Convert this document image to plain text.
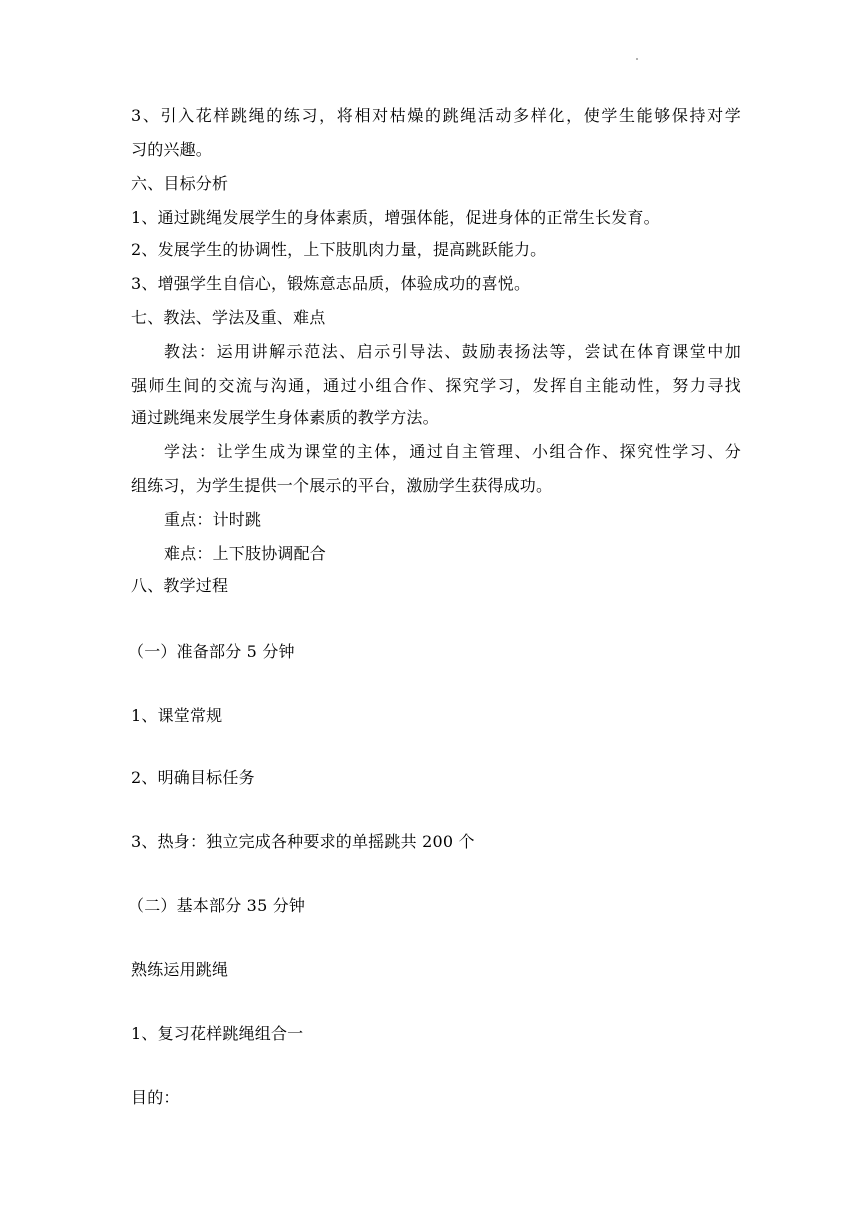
3、引入花样跳绳的练习，将相对枯燥的跳绳活动多样化，使学生能够保持对学
习的兴趣。
六、目标分析
1、通过跳绳发展学生的身体素质，增强体能，促进身体的正常生长发育。
2、发展学生的协调性，上下肢肌肉力量，提高跳跃能力。
3、增强学生自信心，锻炼意志品质，体验成功的喜悦。
七、教法、学法及重、难点
教法：运用讲解示范法、启示引导法、鼓励表扬法等，尝试在体育课堂中加
强师生间的交流与沟通，通过小组合作、探究学习，发挥自主能动性，努力寻找
通过跳绳来发展学生身体素质的教学方法。
学法：让学生成为课堂的主体，通过自主管理、小组合作、探究性学习、分
组练习，为学生提供一个展示的平台，激励学生获得成功。
重点：计时跳
难点：上下肢协调配合
八、教学过程
（一）准备部分 5 分钟
1、课堂常规
2、明确目标任务
3、热身：独立完成各种要求的单摇跳共 200 个
（二）基本部分 35 分钟
熟练运用跳绳
1、复习花样跳绳组合一
目的：
